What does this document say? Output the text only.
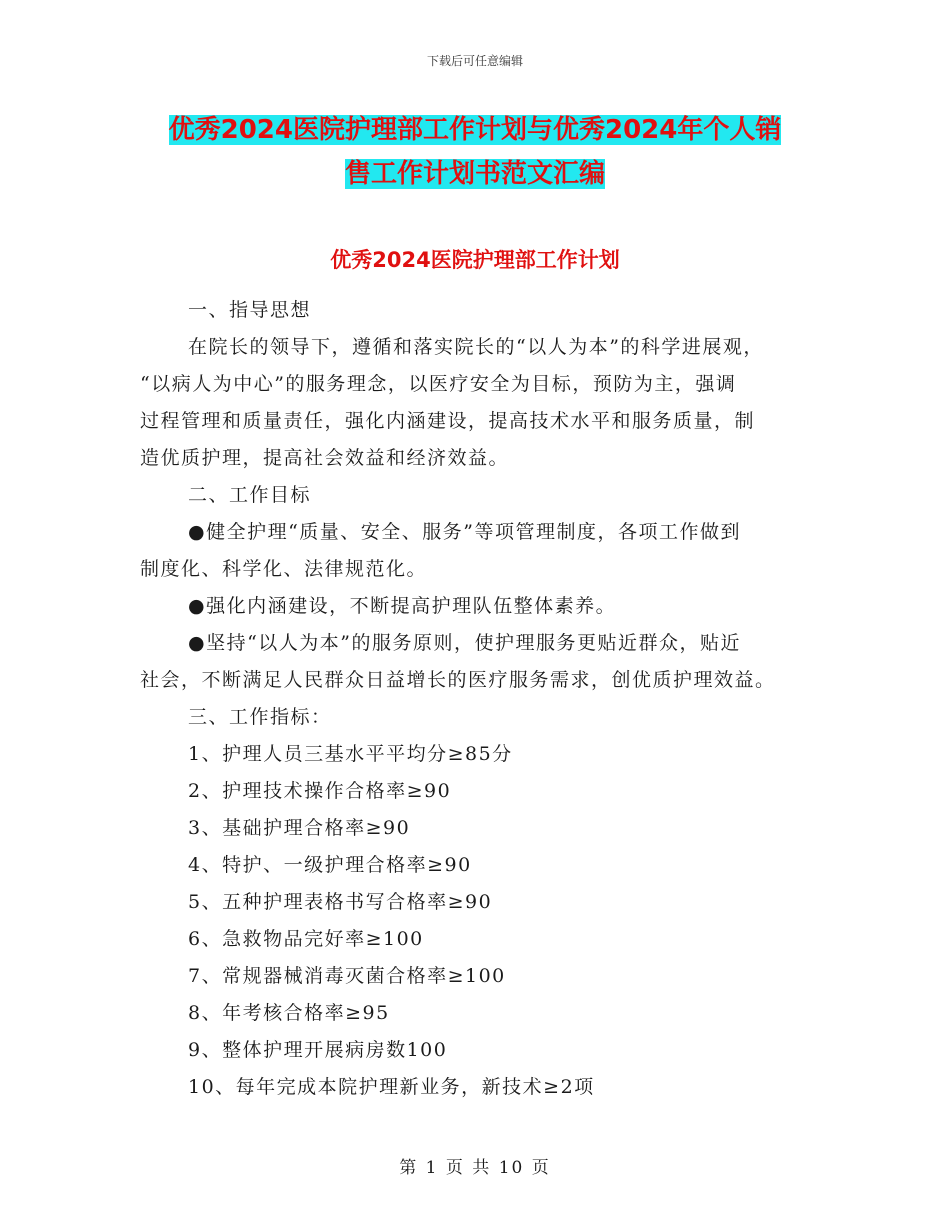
下载后可任意编辑
优秀2024医院护理部工作计划与优秀2024年个人销
售工作计划书范文汇编
优秀2024医院护理部工作计划
一、指导思想
在院长的领导下，遵循和落实院长的“以人为本”的科学进展观，
“以病人为中心”的服务理念，以医疗安全为目标，预防为主，强调
过程管理和质量责任，强化内涵建设，提高技术水平和服务质量，制
造优质护理，提高社会效益和经济效益。
二、工作目标
●健全护理“质量、安全、服务”等项管理制度，各项工作做到
制度化、科学化、法律规范化。
●强化内涵建设，不断提高护理队伍整体素养。
●坚持“以人为本”的服务原则，使护理服务更贴近群众，贴近
社会，不断满足人民群众日益增长的医疗服务需求，创优质护理效益。
三、工作指标：
1、护理人员三基水平平均分≥85分
2、护理技术操作合格率≥90
3、基础护理合格率≥90
4、特护、一级护理合格率≥90
5、五种护理表格书写合格率≥90
6、急救物品完好率≥100
7、常规器械消毒灭菌合格率≥100
8、年考核合格率≥95
9、整体护理开展病房数100
10、每年完成本院护理新业务，新技术≥2项
第 1 页 共 10 页
